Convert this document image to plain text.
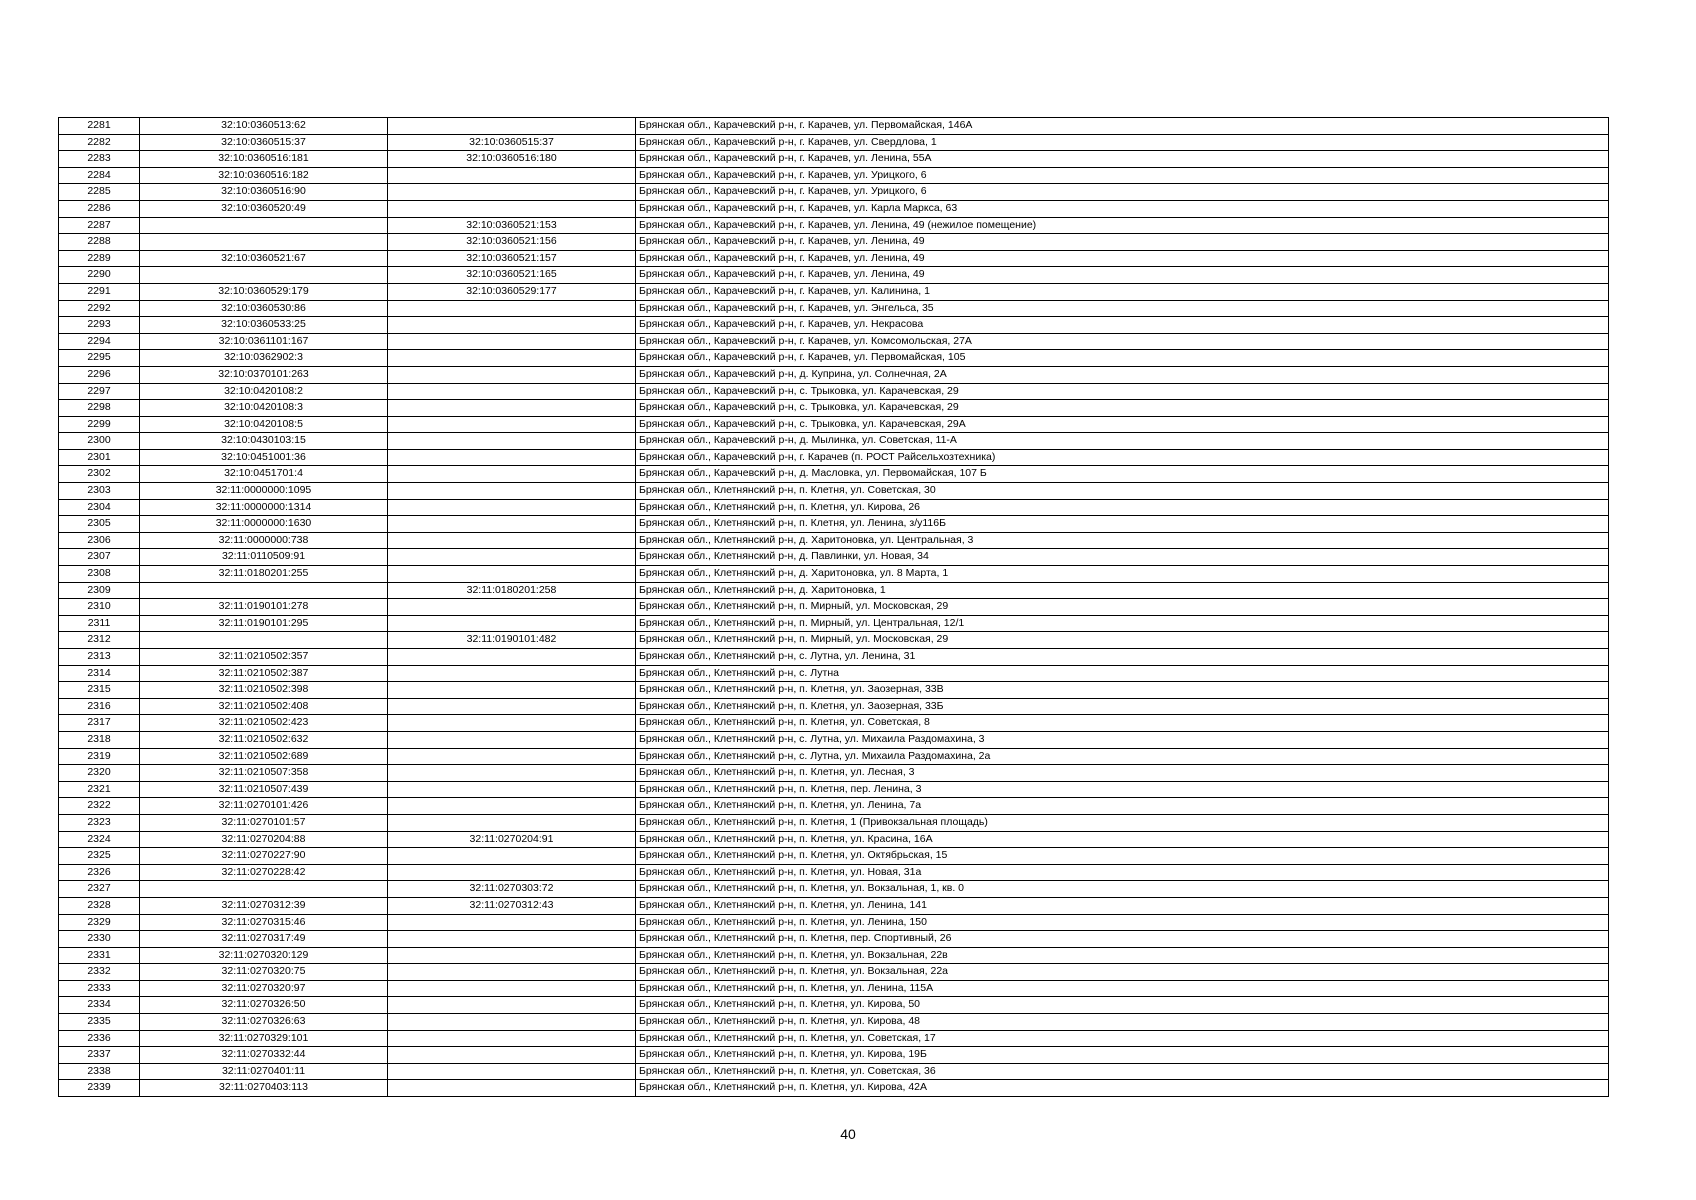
2281	32:10:0360513:62		Брянская обл., Карачевский р-н, г. Карачев, ул. Первомайская, 146А
2282	32:10:0360515:37	32:10:0360515:37	Брянская обл., Карачевский р-н, г. Карачев, ул. Свердлова, 1
2283	32:10:0360516:181	32:10:0360516:180	Брянская обл., Карачевский р-н, г. Карачев, ул. Ленина, 55А
2284	32:10:0360516:182		Брянская обл., Карачевский р-н, г. Карачев, ул. Урицкого, 6
2285	32:10:0360516:90		Брянская обл., Карачевский р-н, г. Карачев, ул. Урицкого, 6
2286	32:10:0360520:49		Брянская обл., Карачевский р-н, г. Карачев, ул. Карла Маркса, 63
2287		32:10:0360521:153	Брянская обл., Карачевский р-н, г. Карачев, ул. Ленина, 49 (нежилое помещение)
2288		32:10:0360521:156	Брянская обл., Карачевский р-н, г. Карачев, ул. Ленина, 49
2289	32:10:0360521:67	32:10:0360521:157	Брянская обл., Карачевский р-н, г. Карачев, ул. Ленина, 49
2290		32:10:0360521:165	Брянская обл., Карачевский р-н, г. Карачев, ул. Ленина, 49
2291	32:10:0360529:179	32:10:0360529:177	Брянская обл., Карачевский р-н, г. Карачев, ул. Калинина, 1
2292	32:10:0360530:86		Брянская обл., Карачевский р-н, г. Карачев, ул. Энгельса, 35
2293	32:10:0360533:25		Брянская обл., Карачевский р-н, г. Карачев, ул. Некрасова
2294	32:10:0361101:167		Брянская обл., Карачевский р-н, г. Карачев, ул. Комсомольская, 27А
2295	32:10:0362902:3		Брянская обл., Карачевский р-н, г. Карачев, ул. Первомайская, 105
2296	32:10:0370101:263		Брянская обл., Карачевский р-н, д. Куприна, ул. Солнечная, 2А
2297	32:10:0420108:2		Брянская обл., Карачевский р-н, с. Трыковка, ул. Карачевская, 29
2298	32:10:0420108:3		Брянская обл., Карачевский р-н, с. Трыковка, ул. Карачевская, 29
2299	32:10:0420108:5		Брянская обл., Карачевский р-н, с. Трыковка, ул. Карачевская, 29А
2300	32:10:0430103:15		Брянская обл., Карачевский р-н, д. Мылинка, ул. Советская, 11-А
2301	32:10:0451001:36		Брянская обл., Карачевский р-н, г. Карачев (п. РОСТ Райсельхозтехника)
2302	32:10:0451701:4		Брянская обл., Карачевский р-н, д. Масловка, ул. Первомайская, 107 Б
2303	32:11:0000000:1095		Брянская обл., Клетнянский р-н, п. Клетня, ул. Советская, 30
2304	32:11:0000000:1314		Брянская обл., Клетнянский р-н, п. Клетня, ул. Кирова, 26
2305	32:11:0000000:1630		Брянская обл., Клетнянский р-н, п. Клетня, ул. Ленина, з/у116Б
2306	32:11:0000000:738		Брянская обл., Клетнянский р-н, д. Харитоновка, ул. Центральная, 3
2307	32:11:0110509:91		Брянская обл., Клетнянский р-н, д. Павлинки, ул. Новая, 34
2308	32:11:0180201:255		Брянская обл., Клетнянский р-н, д. Харитоновка, ул. 8 Марта, 1
2309		32:11:0180201:258	Брянская обл., Клетнянский р-н, д. Харитоновка, 1
2310	32:11:0190101:278		Брянская обл., Клетнянский р-н, п. Мирный, ул. Московская, 29
2311	32:11:0190101:295		Брянская обл., Клетнянский р-н, п. Мирный, ул. Центральная, 12/1
2312		32:11:0190101:482	Брянская обл., Клетнянский р-н, п. Мирный, ул. Московская, 29
2313	32:11:0210502:357		Брянская обл., Клетнянский р-н, с. Лутна, ул. Ленина, 31
2314	32:11:0210502:387		Брянская обл., Клетнянский р-н, с. Лутна
2315	32:11:0210502:398		Брянская обл., Клетнянский р-н, п. Клетня, ул. Заозерная, 33В
2316	32:11:0210502:408		Брянская обл., Клетнянский р-н, п. Клетня, ул. Заозерная, 33Б
2317	32:11:0210502:423		Брянская обл., Клетнянский р-н, п. Клетня, ул. Советская, 8
2318	32:11:0210502:632		Брянская обл., Клетнянский р-н, с. Лутна, ул. Михаила Раздомахина, 3
2319	32:11:0210502:689		Брянская обл., Клетнянский р-н, с. Лутна, ул. Михаила Раздомахина, 2а
2320	32:11:0210507:358		Брянская обл., Клетнянский р-н, п. Клетня, ул. Лесная, 3
2321	32:11:0210507:439		Брянская обл., Клетнянский р-н, п. Клетня, пер. Ленина, 3
2322	32:11:0270101:426		Брянская обл., Клетнянский р-н, п. Клетня, ул. Ленина, 7а
2323	32:11:0270101:57		Брянская обл., Клетнянский р-н, п. Клетня, 1 (Привокзальная площадь)
2324	32:11:0270204:88	32:11:0270204:91	Брянская обл., Клетнянский р-н, п. Клетня, ул. Красина, 16А
2325	32:11:0270227:90		Брянская обл., Клетнянский р-н, п. Клетня, ул. Октябрьская, 15
2326	32:11:0270228:42		Брянская обл., Клетнянский р-н, п. Клетня, ул. Новая, 31а
2327		32:11:0270303:72	Брянская обл., Клетнянский р-н, п. Клетня, ул. Вокзальная, 1, кв. 0
2328	32:11:0270312:39	32:11:0270312:43	Брянская обл., Клетнянский р-н, п. Клетня, ул. Ленина, 141
2329	32:11:0270315:46		Брянская обл., Клетнянский р-н, п. Клетня, ул. Ленина, 150
2330	32:11:0270317:49		Брянская обл., Клетнянский р-н, п. Клетня, пер. Спортивный, 26
2331	32:11:0270320:129		Брянская обл., Клетнянский р-н, п. Клетня, ул. Вокзальная, 22в
2332	32:11:0270320:75		Брянская обл., Клетнянский р-н, п. Клетня, ул. Вокзальная, 22а
2333	32:11:0270320:97		Брянская обл., Клетнянский р-н, п. Клетня, ул. Ленина, 115А
2334	32:11:0270326:50		Брянская обл., Клетнянский р-н, п. Клетня, ул. Кирова, 50
2335	32:11:0270326:63		Брянская обл., Клетнянский р-н, п. Клетня, ул. Кирова, 48
2336	32:11:0270329:101		Брянская обл., Клетнянский р-н, п. Клетня, ул. Советская, 17
2337	32:11:0270332:44		Брянская обл., Клетнянский р-н, п. Клетня, ул. Кирова, 19Б
2338	32:11:0270401:11		Брянская обл., Клетнянский р-н, п. Клетня, ул. Советская, 36
2339	32:11:0270403:113		Брянская обл., Клетнянский р-н, п. Клетня, ул. Кирова, 42А
40
